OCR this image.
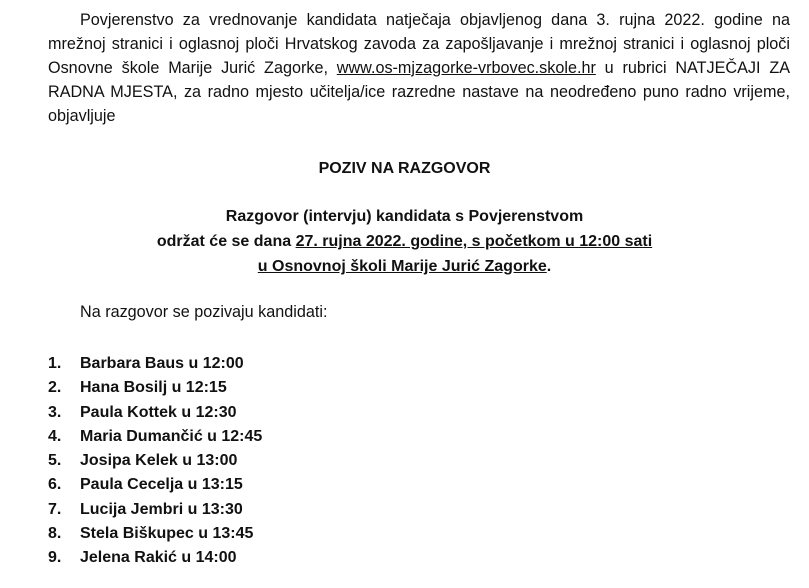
Povjerenstvo za vrednovanje kandidata natječaja objavljenog dana 3. rujna 2022. godine na mrežnoj stranici i oglasnoj ploči Hrvatskog zavoda za zapošljavanje i mrežnoj stranici i oglasnoj ploči Osnovne škole Marije Jurić Zagorke, www.os-mjzagorke-vrbovec.skole.hr u rubrici NATJEČAJI ZA RADNA MJESTA, za radno mjesto učitelja/ice razredne nastave na neodređeno puno radno vrijeme, objavljuje

POZIV NA RAZGOVOR
Razgovor (intervju) kandidata s Povjerenstvom
održat će se dana 27. rujna 2022. godine, s početkom u 12:00 sati
u Osnovnoj školi Marije Jurić Zagorke.

Na razgovor se pozivaju kandidati:

1.	Barbara Baus u 12:00
2.	Hana Bosilj u 12:15
3.	Paula Kottek u 12:30
4.	Maria Dumančić u 12:45
5.	Josipa Kelek u 13:00
6.	Paula Cecelja u 13:15
7.	Lucija Jembri u 13:30
8.	Stela Biškupec u 13:45
9.	Jelena Rakić u 14:00
